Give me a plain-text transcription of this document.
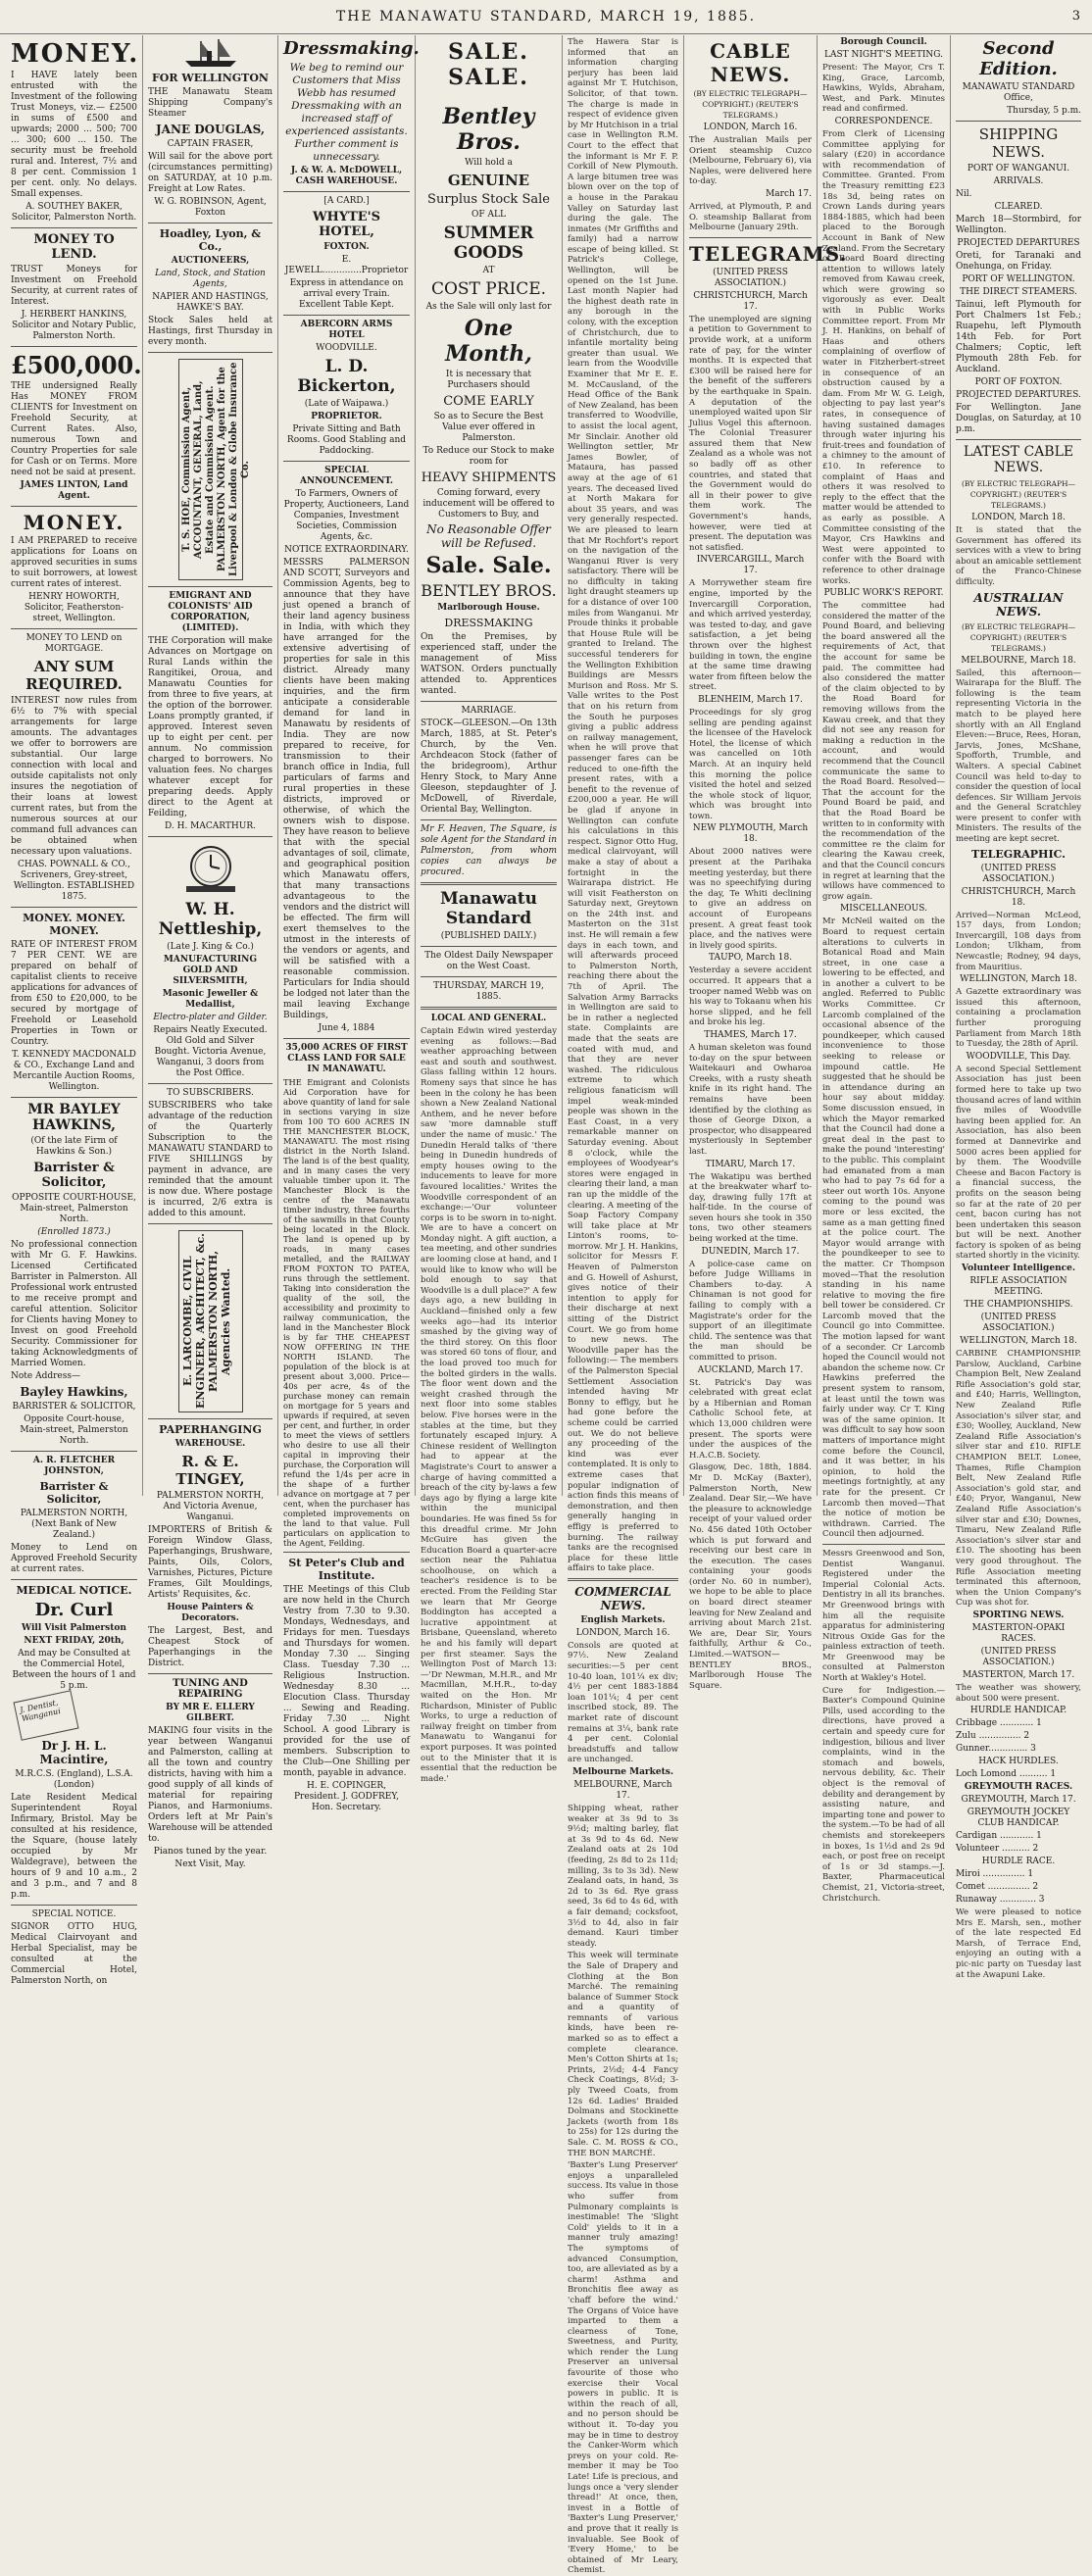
THE MANAWATU STANDARD, MARCH 19, 1885.	3
MONEY.
I HAVE lately been entrusted with the Investment of the following Trust Moneys, viz.— £2500 in sums of £500 and upwards; 2000 ... 500; 700 ... 300; 600 ... 150. The security must be freehold rural and. Interest, 7½ and 8 per cent. Commission 1 per cent. only. No delays. Small expenses.
A. SOUTHEY BAKER, Solicitor, Palmerston North.
MONEY TO LEND.
TRUST Moneys for Investment on Freehold Security, at current rates of Interest.
J. HERBERT HANKINS, Solicitor and Notary Public, Palmerston North.
£500,000.
THE undersigned Really Has MONEY FROM CLIENTS for Investment on Freehold Security, at Current Rates. Also, numerous Town and Country Properties for sale for Cash or on Terms. More need not be said at present.
JAMES LINTON, Land Agent.
MONEY.
I AM PREPARED to receive applications for Loans on approved securities in sums to suit borrowers, at lowest current rates of interest.
HENRY HOWORTH, Solicitor, Featherston-street, Wellington.
MONEY TO LEND on MORTGAGE.
ANY SUM REQUIRED.
INTEREST now rules from 6½ to 7% with special arrangements for large amounts. The advantages we offer to borrowers are substantial. Our large connection with local and outside capitalists not only insures the negotiation of their loans at lowest current rates, but from the numerous sources at our command full advances can be obtained when necessary upon valuations.
CHAS. POWNALL & CO., Scriveners, Grey-street, Wellington. ESTABLISHED 1875.
MONEY. MONEY. MONEY.
RATE OF INTEREST FROM 7 PER CENT. WE are prepared on behalf of capitalist clients to receive applications for advances of from £50 to £20,000, to be secured by mortgage of Freehold or Leasehold Properties in Town or Country.
T. KENNEDY MACDONALD & CO., Exchange Land and Mercantile Auction Rooms, Wellington.
MR BAYLEY HAWKINS,
(Of the late Firm of Hawkins & Son.)
Barrister & Solicitor,
OPPOSITE COURT-HOUSE, Main-street, Palmerston North.
(Enrolled 1873.)
No professional connection with Mr G. F. Hawkins. Licensed Certificated Barrister in Palmerston. All Professional work entrusted to me receive prompt and careful attention. Solicitor for Clients having Money to Invest on good Freehold Security. Commissioner for taking Acknowledgments of Married Women.
Note Address—
Bayley Hawkins,
BARRISTER & SOLICITOR,
Opposite Court-house, Main-street, Palmerston North.
A. R. FLETCHER JOHNSTON,
Barrister & Solicitor,
PALMERSTON NORTH, (Next Bank of New Zealand.)
Money to Lend on Approved Freehold Security at current rates.
MEDICAL NOTICE.
Dr. Curl
Will Visit Palmerston
NEXT FRIDAY, 20th,
And may be Consulted at the Commercial Hotel, Between the hours of 1 and 5 p.m.
J. Dentist, Wanganui
Dr J. H. L. Macintire,
M.R.C.S. (England), L.S.A. (London)
Late Resident Medical Superintendent Royal Infirmary, Bristol. May be consulted at his residence, the Square, (house lately occupied by Mr Waldegrave), between the hours of 9 and 10 a.m., 2 and 3 p.m., and 7 and 8 p.m.
SPECIAL NOTICE.
SIGNOR OTTO HUG, Medical Clairvoyant and Herbal Specialist, may be consulted at the Commercial Hotel, Palmerston North, on
FOR WELLINGTON
THE Manawatu Steam Shipping Company's Steamer
JANE DOUGLAS,
CAPTAIN FRASER,
Will sail for the above port (circumstances permitting) on SATURDAY, at 10 p.m. Freight at Low Rates.
W. G. ROBINSON, Agent, Foxton
Hoadley, Lyon, & Co.,
AUCTIONEERS,
Land, Stock, and Station Agents,
NAPIER AND HASTINGS, HAWKE'S BAY.
Stock Sales held at Hastings, first Thursday in every month.
T. S. HOE, Commission Agent, ACCOUNTANT, GENERAL, Land, Estate and Commission Agent. PALMERSTON NORTH, Agent for the Liverpool & London & Globe Insurance Co.
EMIGRANT AND COLONISTS' AID CORPORATION, (LIMITED).
THE Corporation will make Advances on Mortgage on Rural Lands within the Rangitikei, Oroua, and Manawatu Counties for from three to five years, at the option of the borrower. Loans promptly granted, if approved. Interest seven up to eight per cent. per annum. No commission charged to borrowers. No valuation fees. No charges whatever except for preparing deeds. Apply direct to the Agent at Feilding,
D. H. MACARTHUR.
W. H. Nettleship,
(Late J. King & Co.)
MANUFACTURING GOLD AND SILVERSMITH,
Masonic Jeweller & Medallist,
Electro-plater and Gilder.
Repairs Neatly Executed. Old Gold and Silver Bought. Victoria Avenue, Wanganui, 3 doors from the Post Office.
TO SUBSCRIBERS.
SUBSCRIBERS who take advantage of the reduction of the Quarterly Subscription to the MANAWATU STANDARD to FIVE SHILLINGS by payment in advance, are reminded that the amount is now due. Where postage is incurred, 2/6 extra is added to this amount.
E. LARCOMBE, CIVIL ENGINEER, ARCHITECT, &c. PALMERSTON NORTH, Agencies Wanted.
PAPERHANGING
WAREHOUSE.
R. & E. TINGEY,
PALMERSTON NORTH, And Victoria Avenue, Wanganui.
IMPORTERS of British & Foreign Window Glass, Paperhangings, Brushware, Paints, Oils, Colors, Varnishes, Pictures, Picture Frames, Gilt Mouldings, Artists' Requisites, &c.
House Painters & Decorators.
The Largest, Best, and Cheapest Stock of Paperhangings in the District.
TUNING AND REPAIRING
BY MR E. ELLERY GILBERT.
MAKING four visits in the year between Wanganui and Palmerston, calling at all the town and country districts, having with him a good supply of all kinds of material for repairing Pianos, and Harmoniums. Orders left at Mr Pain's Warehouse will be attended to.
Pianos tuned by the year.
Next Visit, May.
Dressmaking.
We beg to remind our Customers that Miss Webb has resumed Dressmaking with an increased staff of experienced assistants. Further comment is unnecessary.
J. & W. A. McDOWELL, CASH WAREHOUSE.
[A CARD.]
WHYTE'S HOTEL,
FOXTON.
E. JEWELL..............Proprietor
Express in attendance on arrival every Train. Excellent Table Kept.
ABERCORN ARMS HOTEL
WOODVILLE.
L. D. Bickerton,
(Late of Waipawa.)
PROPRIETOR.
Private Sitting and Bath Rooms. Good Stabling and Paddocking.
SPECIAL ANNOUNCEMENT.
To Farmers, Owners of Property, Auctioneers, Land Companies, Investment Societies, Commission Agents, &c.
NOTICE EXTRAORDINARY.
MESSRS PALMERSON AND SCOTT, Surveyors and Commission Agents, beg to announce that they have just opened a branch of their land agency business in India, with which they have arranged for the extensive advertising of properties for sale in this district. Already many clients have been making inquiries, and the firm anticipate a considerable demand for land in Manawatu by residents of India. They are now prepared to receive, for transmission to their branch office in India, full particulars of farms and rural properties in these districts, improved or otherwise, of which the owners wish to dispose. They have reason to believe that with the special advantages of soil, climate, and geographical position which Manawatu offers, that many transactions advantageous to the vendors and the district will be effected. The firm will exert themselves to the utmost in the interests of the vendors or agents, and will be satisfied with a reasonable commission. Particulars for India should be lodged not later than the mail leaving Exchange Buildings,
June 4, 1884
35,000 ACRES OF FIRST CLASS LAND FOR SALE IN MANAWATU.
THE Emigrant and Colonists Aid Corporation have for above quantity of land for sale in sections varying in size from 100 TO 600 ACRES IN THE MANCHESTER BLOCK, MANAWATU. The most rising district in the North Island. The land is of the best quality, and in many cases the very valuable timber upon it. The Manchester Block is the centre of the Manawatu timber industry, three fourths of the sawmills in that County being located in the Block. The land is opened up by roads, in many cases metalled, and the RAILWAY FROM FOXTON TO PATEA, runs through the settlement. Taking into consideration the quality of the soil, the accessibility and proximity to railway communication, the land in the Manchester Block is by far THE CHEAPEST NOW OFFERING IN THE NORTH ISLAND. The population of the block is at present about 3,000. Price—40s per acre, 4s of the purchase money can remain on mortgage for 5 years and upwards if required, at seven per cent, and further, in order to meet the views of settlers who desire to use all their capital in improving their purchase, the Corporation will refund the 1/4s per acre in the shape of a further advance on mortgage at 7 per cent, when the purchaser has completed improvements on the land to that value. Full particulars on application to the Agent, Feilding.
St Peter's Club and Institute.
THE Meetings of this Club are now held in the Church Vestry from 7.30 to 9.30. Mondays, Wednesdays, and Fridays for men. Tuesdays and Thursdays for women. Monday 7.30 ... Singing Class. Tuesday 7.30 ... Religious Instruction. Wednesday 8.30 ... Elocution Class. Thursday ... Sewing and Reading. Friday 7.30 ... Night School. A good Library is provided for the use of members. Subscription to the Club—One Shilling per month, payable in advance.
H. E. COPINGER, President. J. GODFREY, Hon. Secretary.
SALE. SALE.
Bentley Bros.
Will hold a
GENUINE
Surplus Stock Sale
OF ALL
SUMMER GOODS
AT
COST PRICE.
As the Sale will only last for
One Month,
It is necessary that Purchasers should
COME EARLY
So as to Secure the Best Value ever offered in Palmerston.
To Reduce our Stock to make room for
HEAVY SHIPMENTS
Coming forward, every inducement will be offered to Customers to Buy, and
No Reasonable Offer will be Refused.
Sale. Sale.
BENTLEY BROS.
Marlborough House.
DRESSMAKING
On the Premises, by experienced staff, under the management of Miss WATSON. Orders punctually attended to. Apprentices wanted.
MARRIAGE.
STOCK—GLEESON.—On 13th March, 1885, at St. Peter's Church, by the Ven. Archdeacon Stock (father of the bridegroom), Arthur Henry Stock, to Mary Anne Gleeson, stepdaughter of J. McDowell, of Riverdale, Oriental Bay, Wellington.
Mr F. Heaven, The Square, is sole Agent for the Standard in Palmerston, from whom copies can always be procured.
Manawatu Standard
(PUBLISHED DAILY.)
The Oldest Daily Newspaper on the West Coast.
THURSDAY, MARCH 19, 1885.
LOCAL AND GENERAL.
Captain Edwin wired yesterday evening as follows:—Bad weather approaching between east and south and southwest. Glass falling within 12 hours. Romeny says that since he has been in the colony he has been shown a New Zealand National Anthem, and he never before saw 'more damnable stuff under the name of music.' The Dunedin Herald talks of 'there being in Dunedin hundreds of empty houses owing to the inducements to leave for more favoured localities.' Writes the Woodville correspondent of an exchange:—'Our volunteer corps is to be sworn in to-night. We are to have a concert on Monday night. A gift auction, a tea meeting, and other sundries are looming close at hand, and I would like to know who will be bold enough to say that Woodville is a dull place?' A few days ago, a new building in Auckland—finished only a few weeks ago—had its interior smashed by the giving way of the third storey. On this floor was stored 60 tons of flour, and the load proved too much for the bolted girders in the walls. The floor went down and the weight crashed through the next floor into some stables below. Five horses were in the stables at the time, but they fortunately escaped injury. A Chinese resident of Wellington had to appear at the Magistrate's Court to answer a charge of having committed a breach of the city by-laws a few days ago by flying a large kite within the municipal boundaries. He was fined 5s for this dreadful crime. Mr John McGuire has given the Education Board a quarter-acre section near the Pahiatua schoolhouse, on which a teacher's residence is to be erected. From the Feilding Star we learn that Mr George Boddington has accepted a lucrative appointment at Brisbane, Queensland, whereto he and his family will depart per first steamer. Says the Wellington Post of March 13:—'Dr Newman, M.H.R., and Mr Macmillan, M.H.R., to-day waited on the Hon. Mr Richardson, Minister of Public Works, to urge a reduction of railway freight on timber from Manawatu to Wanganui for export purposes. It was pointed out to the Minister that it is essential that the reduction be made.'
The Hawera Star is informed that an information charging perjury has been laid against Mr T. Hutchison, Solicitor, of that town. The charge is made in respect of evidence given by Mr Hutchison in a trial case in Wellington R.M. Court to the effect that the informant is Mr F. P. Corkill of New Plymouth. A large bitumen tree was blown over on the top of a house in the Parakau Valley on Saturday last during the gale. The inmates (Mr Griffiths and family) had a narrow escape of being killed. St Patrick's College, Wellington, will be opened on the 1st June. Last month Napier had the highest death rate in any borough in the colony, with the exception of Christchurch, due to infantile mortality being greater than usual. We learn from the Woodville Examiner that Mr E. E. M. McCausland, of the Head Office of the Bank of New Zealand, has been transferred to Woodville, to assist the local agent, Mr Sinclair. Another old Wellington settler, Mr James Bowler, of Mataura, has passed away at the age of 61 years. The deceased lived at North Makara for about 35 years, and was very generally respected. We are pleased to learn that Mr Rochfort's report on the navigation of the Wanganui River is very satisfactory. There will be no difficulty in taking light draught steamers up for a distance of over 100 miles from Wanganui. Mr Proude thinks it probable that House Rule will be granted to Ireland. The successful tenderers for the Wellington Exhibition Buildings are Messrs Murison and Ross. Mr S. Valle writes to the Post that on his return from the South he purposes giving a public address on railway management, when he will prove that passenger fares can be reduced to one-fifth the present rates, with a benefit to the revenue of £200,000 a year. He will be glad if anyone in Wellington can confute his calculations in this respect. Signor Otto Hug, medical clairvoyant, will make a stay of about a fortnight in the Wairarapa district. He will visit Featherston on Saturday next, Greytown on the 24th inst. and Masterton on the 31st inst. He will remain a few days in each town, and will afterwards proceed to Palmerston North, reaching there about the 7th of April. The Salvation Army Barracks in Wellington are said to be in rather a neglected state. Complaints are made that the seats are coated with mud, and that they are never washed. The ridiculous extreme to which religious fanaticism will impel weak-minded people was shown in the East Coast, in a very remarkable manner on Saturday evening. About 8 o'clock, while the employees of Woodyear's stores were engaged in clearing their land, a man ran up the middle of the clearing. A meeting of the Soap Factory Company will take place at Mr Linton's rooms, to-morrow. Mr J. H. Hankins, solicitor for Messrs F. Heaven of Palmerston and G. Howell of Ashurst, gives notice of their intention to apply for their discharge at next sitting of the District Court. We go from home to new news. The Woodville paper has the following:— The members of the Palmerston Special Settlement Association intended having Mr Bonny to effigy, but he had gone before the scheme could be carried out. We do not believe any proceeding of the kind was ever contemplated. It is only to extreme cases that popular indignation of action finds this means of demonstration, and then generally hanging in effigy is preferred to burning. The railway tanks are the recognised place for these little affairs to take place.
COMMERCIAL NEWS.
English Markets.
LONDON, March 16.
Consols are quoted at 97½. New Zealand securities:—5 per cent 10-40 loan, 101¼ ex div; 4½ per cent 1883-1884 loan 101¼; 4 per cent inscribed stock, 89. The market rate of discount remains at 3¼, bank rate 4 per cent. Colonial breadstuffs and tallow are unchanged.
Melbourne Markets.
MELBOURNE, March 17.
Shipping wheat, rather weaker at 3s 9d to 3s 9½d; malting barley, flat at 3s 9d to 4s 6d. New Zealand oats at 2s 10d (feeding, 2s 8d to 2s 11d; milling, 3s to 3s 3d). New Zealand oats, in hand, 3s 2d to 3s 6d. Rye grass seed, 3s 6d to 4s 6d, with a fair demand; cocksfoot, 3½d to 4d, also in fair demand. Kauri timber steady.
This week will terminate the Sale of Drapery and Clothing at the Bon Marché. The remaining balance of Summer Stock and a quantity of remnants of various kinds, have been re-marked so as to effect a complete clearance. Men's Cotton Shirts at 1s; Prints, 2½d; 4-4 Fancy Check Coatings, 8½d; 3-ply Tweed Coats, from 12s 6d. Ladies' Braided Dolmans and Stockinette Jackets (worth from 18s to 25s) for 12s during the Sale. C. M. ROSS & CO., THE BON MARCHÉ.
'Baxter's Lung Preserver' enjoys a unparalleled success. Its value in those who suffer from Pulmonary complaints is inestimable! The 'Slight Cold' yields to it in a manner truly amazing! The symptoms of advanced Consumption, too, are alleviated as by a charm! Asthma and Bronchitis flee away as 'chaff before the wind.' The Organs of Voice have imparted to them a clearness of Tone, Sweetness, and Purity, which render the Lung Preserver an universal favourite of those who exercise their Vocal powers in public. It is within the reach of all, and no person should be without it. To-day you may be in time to destroy the Canker-Worm which preys on your cold. Re-member it may be Too Late! Life is precious, and lungs once a 'very slender thread!' At once, then, invest in a Bottle of 'Baxter's Lung Preserver,' and prove that it really is invaluable. See Book of 'Every Home,' to be obtained of Mr Leary, Chemist.
CABLE NEWS.
(BY ELECTRIC TELEGRAPH—COPYRIGHT.) (REUTER'S TELEGRAMS.)
LONDON, March 16.
The Australian Mails per Orient steamship Cuzco (Melbourne, February 6), via Naples, were delivered here to-day.
March 17.
Arrived, at Plymouth, P. and O. steamship Ballarat from Melbourne (January 29th.
TELEGRAMS.
(UNITED PRESS ASSOCIATION.)
CHRISTCHURCH, March 17.
The unemployed are signing a petition to Government to provide work, at a uniform rate of pay, for the winter months. It is expected that £300 will be raised here for the benefit of the sufferers by the earthquake in Spain. A deputation of the unemployed waited upon Sir Julius Vogel this afternoon. The Colonial Treasurer assured them that New Zealand as a whole was not so badly off as other countries, and stated that the Government would do all in their power to give them work. The Government's hands, however, were tied at present. The deputation was not satisfied.
INVERCARGILL, March 17.
A Morrywether steam fire engine, imported by the Invercargill Corporation, and which arrived yesterday, was tested to-day, and gave satisfaction, a jet being thrown over the highest building in town, the engine at the same time drawing water from fifteen below the street.
BLENHEIM, March 17.
Proceedings for sly grog selling are pending against the licensee of the Havelock Hotel, the license of which was cancelled on 10th March. At an inquiry held this morning the police visited the hotel and seized the whole stock of liquor, which was brought into town.
NEW PLYMOUTH, March 18.
About 2000 natives were present at the Parihaka meeting yesterday, but there was no speechifying during the day, Te Whiti declining to give an address on account of Europeans present. A great feast took place, and the natives were in lively good spirits.
TAUPO, March 18.
Yesterday a severe accident occurred. It appears that a trooper named Webb was on his way to Tokaanu when his horse slipped, and he fell and broke his leg.
THAMES, March 17.
A human skeleton was found to-day on the spur between Waitekauri and Owharoa Creeks, with a rusty sheath knife in its right hand. The remains have been identified by the clothing as those of George Dixon, a prospector, who disappeared mysteriously in September last.
TIMARU, March 17.
The Wakatipu was berthed at the breakwater wharf to-day, drawing fully 17ft at half-tide. In the course of seven hours she took in 350 tons, two other steamers being worked at the time.
DUNEDIN, March 17.
A police-case came on before Judge Williams in Chambers to-day. A Chinaman is not good for failing to comply with a Magistrate's order for the support of an illegitimate child. The sentence was that the man should be committed to prison.
AUCKLAND, March 17.
St. Patrick's Day was celebrated with great eclat by a Hibernian and Roman Catholic School fete, at which 13,000 children were present. The sports were under the auspices of the H.A.C.B. Society.
Glasgow, Dec. 18th, 1884. Mr D. McKay (Baxter), Palmerston North, New Zealand. Dear Sir,—We have the pleasure to acknowledge receipt of your valued order No. 456 dated 10th October which is put forward and receiving our best care in the execution. The cases containing your goods (order No. 60 in number), we hope to be able to place on board direct steamer leaving for New Zealand and arriving about March 21st. We are, Dear Sir, Yours faithfully, Arthur & Co., Limited.—WATSON—BENTLEY BROS., Marlborough House The Square.
Borough Council.
LAST NIGHT'S MEETING.
Present: The Mayor, Crs T. King, Grace, Larcomb, Hawkins, Wylds, Abraham, West, and Park. Minutes read and confirmed.
CORRESPONDENCE.
From Clerk of Licensing Committee applying for salary (£20) in accordance with recommendation of Committee. Granted. From the Treasury remitting £23 18s 3d, being rates on Crown Lands during years 1884-1885, which had been placed to the Borough Account in Bank of New Zealand. From the Secretary of Board Board directing attention to willows lately removed from Kawau creek, which were growing so vigorously as ever. Dealt with in Public Works Committee report. From Mr J. H. Hankins, on behalf of Haas and others complaining of overflow of water in Fitzherbert-street in consequence of an obstruction caused by a dam. From Mr W. G. Leigh, objecting to pay last year's rates, in consequence of having sustained damages through water injuring his fruit-trees and foundation of a chimney to the amount of £10. In reference to complaint of Haas and others it was resolved to reply to the effect that the matter would be attended to as early as possible. A Committee consisting of the Mayor, Crs Hawkins and West were appointed to confer with the Board with reference to other drainage works.
PUBLIC WORK'S REPORT.
The committee had considered the matter of the Pound Board, and believing the board answered all the requirements of Act, that the account for same be paid. The committee had also considered the matter of the claim objected to by the Road Board for removing willows from the Kawau creek, and that they did not see any reason for making a reduction in the account, and would recommend that the Council communicate the same to the Road Board. Resolved—That the account for the Pound Board be paid, and that the Road Board be written to in conformity with the recommendation of the committee re the claim for clearing the Kawau creek, and that the Council concurs in regret at learning that the willows have commenced to grow again.
MISCELLANEOUS.
Mr McNeil waited on the Board to request certain alterations to culverts in Botanical Road and Main street, in one case a lowering to be effected, and in another a culvert to be angled. Referred to Public Works Committee. Cr Larcomb complained of the occasional absence of the poundkeeper, which caused inconvenience to those seeking to release or impound cattle. He suggested that he should be in attendance during an hour say about midday. Some discussion ensued, in which the Mayor remarked that the Council had done a great deal in the past to make the pound 'interesting' to the public. This complaint had emanated from a man who had to pay 7s 6d for a steer out worth 10s. Anyone coming to the pound was more or less excited, the same as a man getting fined at the police court. The Mayor would arrange with the poundkeeper to see to the matter. Cr Thompson moved—That the resolution standing in his name relative to moving the fire bell tower be considered. Cr Larcomb moved that the Council go into Committee. The motion lapsed for want of a seconder. Cr Larcomb hoped the Council would not abandon the scheme now. Cr Hawkins preferred the present system to ransom, at least until the town was fairly under way. Cr T. King was of the same opinion. It was difficult to say how soon matters of importance might come before the Council, and it was better, in his opinion, to hold the meetings fortnightly, at any rate for the present. Cr Larcomb then moved—That the notice of motion be withdrawn. Carried. The Council then adjourned.
Messrs Greenwood and Son, Dentist Wanganui. Registered under the Imperial Colonial Acts. Dentistry in all its branches. Mr Greenwood brings with him all the requisite apparatus for administering Nitrous Oxide Gas for the painless extraction of teeth. Mr Greenwood may be consulted at Palmerston North at Wakley's Hotel.
Cure for Indigestion.—Baxter's Compound Quinine Pills, used according to the directions, have proved a certain and speedy cure for indigestion, bilious and liver complaints, wind in the stomach and bowels, nervous debility, &c. Their object is the removal of debility and derangement by assisting nature, and imparting tone and power to the system.—To be had of all chemists and storekeepers in boxes, 1s 1½d and 2s 9d each, or post free on receipt of 1s or 3d stamps.—J. Baxter, Pharmaceutical Chemist, 21, Victoria-street, Christchurch.
Second Edition.
MANAWATU STANDARD Office,
Thursday, 5 p.m.
SHIPPING NEWS.
PORT OF WANGANUI.
ARRIVALS.
Nil.
CLEARED.
March 18—Stormbird, for Wellington.
PROJECTED DEPARTURES
Oreti, for Taranaki and Onehunga, on Friday.
PORT OF WELLINGTON.
THE DIRECT STEAMERS.
Tainui, left Plymouth for Port Chalmers 1st Feb.; Ruapehu, left Plymouth 14th Feb. for Port Chalmers; Coptic, left Plymouth 28th Feb. for Auckland.
PORT OF FOXTON.
PROJECTED DEPARTURES.
For Wellington. Jane Douglas, on Saturday, at 10 p.m.
LATEST CABLE NEWS.
(BY ELECTRIC TELEGRAPH—COPYRIGHT.) (REUTER'S TELEGRAMS.)
LONDON, March 18.
It is stated that the Government has offered its services with a view to bring about an amicable settlement of the Franco-Chinese difficulty.
AUSTRALIAN NEWS.
(BY ELECTRIC TELEGRAPH—COPYRIGHT.) (REUTER'S TELEGRAMS.)
MELBOURNE, March 18.
Sailed, this afternoon—Wairarapa for the Bluff. The following is the team representing Victoria in the match to be played here shortly with an All England Eleven:—Bruce, Rees, Horan, Jarvis, Jones, McShane, Spofforth, Trumble, and Walters. A special Cabinet Council was held to-day to consider the question of local defences. Sir William Jervois and the General Scratchley were present to confer with Ministers. The results of the meeting are kept secret.
TELEGRAPHIC.
(UNITED PRESS ASSOCIATION.)
CHRISTCHURCH, March 18.
Arrived—Norman McLeod, 157 days, from London; Invercargill, 108 days from London; Ulkham, from Newcastle; Rodney, 94 days, from Mauritius.
WELLINGTON, March 18.
A Gazette extraordinary was issued this afternoon, containing a proclamation further proroguing Parliament from March 18th to Tuesday, the 28th of April.
WOODVILLE, This Day.
A second Special Settlement Association has just been formed here to take up two thousand acres of land within five miles of Woodville having been applied for. An Association, has also been formed at Dannevirke and 5000 acres been applied for by them. The Woodville Cheese and Bacon Factory is a financial success, the profits on the season being so far at the rate of 20 per cent, bacon curing has not been undertaken this season but will be next. Another factory is spoken of as being started shortly in the vicinity.
Volunteer Intelligence.
RIFLE ASSOCIATION MEETING.
THE CHAMPIONSHIPS.
(UNITED PRESS ASSOCIATION.)
WELLINGTON, March 18.
CARBINE CHAMPIONSHIP. Parslow, Auckland, Carbine Champion Belt, New Zealand Rifle Association's gold star, and £40; Harris, Wellington, New Zealand Rifle Association's silver star, and £30; Woolley, Auckland, New Zealand Rifle Association's silver star and £10. RIFLE CHAMPION BELT. Lonee, Thames, Rifle Champion Belt, New Zealand Rifle Association's gold star, and £40; Pryor, Wanganui, New Zealand Rifle Association's silver star and £30; Downes, Timaru, New Zealand Rifle Association's silver star and £10. The shooting has been very good throughout. The Rifle Association meeting terminated this afternoon, when the Union Company's Cup was shot for.
SPORTING NEWS.
MASTERTON-OPAKI RACES.
(UNITED PRESS ASSOCIATION.)
MASTERTON, March 17.
The weather was showery, about 500 were present.
HURDLE HANDICAP.
Cribbage ............ 1
Zulu ............... 2
Gunner.............. 3
HACK HURDLES.
Loch Lomond .......... 1
GREYMOUTH RACES.
GREYMOUTH, March 17.
GREYMOUTH JOCKEY CLUB HANDICAP.
Cardigan ............ 1
Volunteer .......... 2
HURDLE RACE.
Miroi ............... 1
Comet ............... 2
Runaway ............. 3
We were pleased to notice Mrs E. Marsh, sen., mother of the late respected Ed Marsh, of Terrace End, enjoying an outing with a pic-nic party on Tuesday last at the Awapuni Lake.
